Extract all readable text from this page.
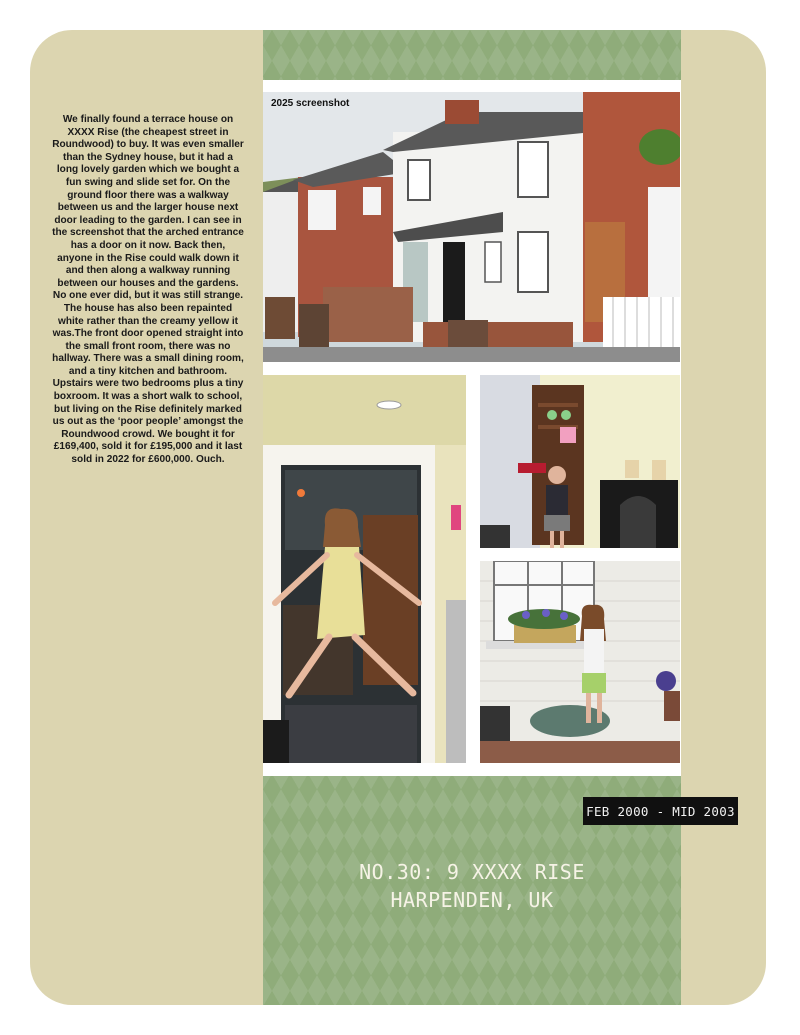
We finally found a terrace house on XXXX Rise (the cheapest street in Roundwood) to buy. It was even smaller than the Sydney house, but it had a long lovely garden which we bought a fun swing and slide set for. On the ground floor there was a walkway between us and the larger house next door leading to the garden. I can see in the screenshot that the arched entrance has a door on it now. Back then, anyone in the Rise could walk down it and then along a walkway running between our houses and the gardens. No one ever did, but it was still strange. The house has also been repainted white rather than the creamy yellow it was.The front door opened straight into the small front room, there was no hallway. There was a small dining room, and a tiny kitchen and bathroom. Upstairs were two bedrooms plus a tiny boxroom. It was a short walk to school, but living on the Rise definitely marked us out as the ‘poor people’ amongst the Roundwood crowd. We bought it for £169,400, sold it for £195,000 and it last sold in 2022 for £600,000. Ouch.

2025 screenshot
FEB 2000 - MID 2003
NO.30: 9 XXXX RISE
HARPENDEN, UK
